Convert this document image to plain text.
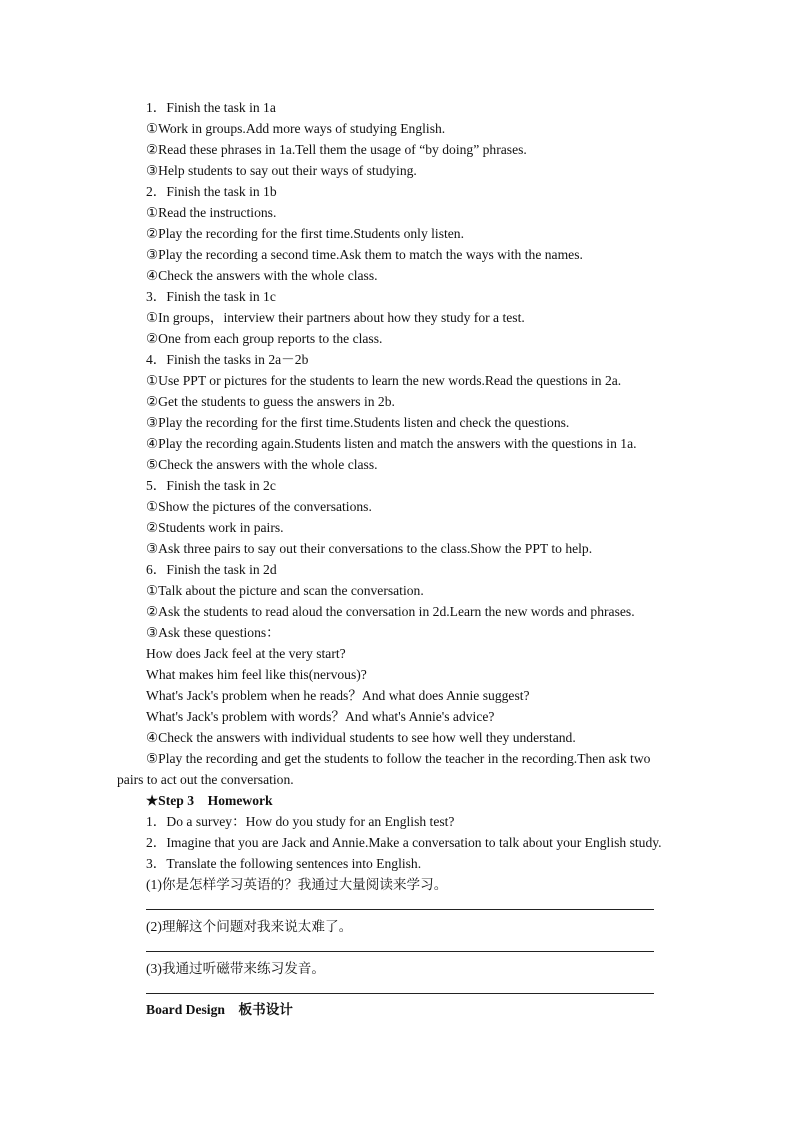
1．Finish the task in 1a
①Work in groups.Add more ways of studying English.
②Read these phrases in 1a.Tell them the usage of “by doing” phrases.
③Help students to say out their ways of studying.
2．Finish the task in 1b
①Read the instructions.
②Play the recording for the first time.Students only listen.
③Play the recording a second time.Ask them to match the ways with the names.
④Check the answers with the whole class.
3．Finish the task in 1c
①In groups，interview their partners about how they study for a test.
②One from each group reports to the class.
4．Finish the tasks in 2a－2b
①Use PPT or pictures for the students to learn the new words.Read the questions in 2a.
②Get the students to guess the answers in 2b.
③Play the recording for the first time.Students listen and check the questions.
④Play the recording again.Students listen and match the answers with the questions in 1a.
⑤Check the answers with the whole class.
5．Finish the task in 2c
①Show the pictures of the conversations.
②Students work in pairs.
③Ask three pairs to say out their conversations to the class.Show the PPT to help.
6．Finish the task in 2d
①Talk about the picture and scan the conversation.
②Ask the students to read aloud the conversation in 2d.Learn the new words and phrases.
③Ask these questions：
How does Jack feel at the very start?
What makes him feel like this(nervous)?
What's Jack's problem when he reads？And what does Annie suggest?
What's Jack's problem with words？And what's Annie's advice?
④Check the answers with individual students to see how well they understand.
⑤Play the recording and get the students to follow the teacher in the recording.Then ask two
pairs to act out the conversation.
★Step 3　Homework
1．Do a survey：How do you study for an English test?
2．Imagine that you are Jack and Annie.Make a conversation to talk about your English study.
3．Translate the following sentences into English.
(1)你是怎样学习英语的？我通过大量阅读来学习。
(2)理解这个问题对我来说太难了。
(3)我通过听磁带来练习发音。
Board Design　板书设计
